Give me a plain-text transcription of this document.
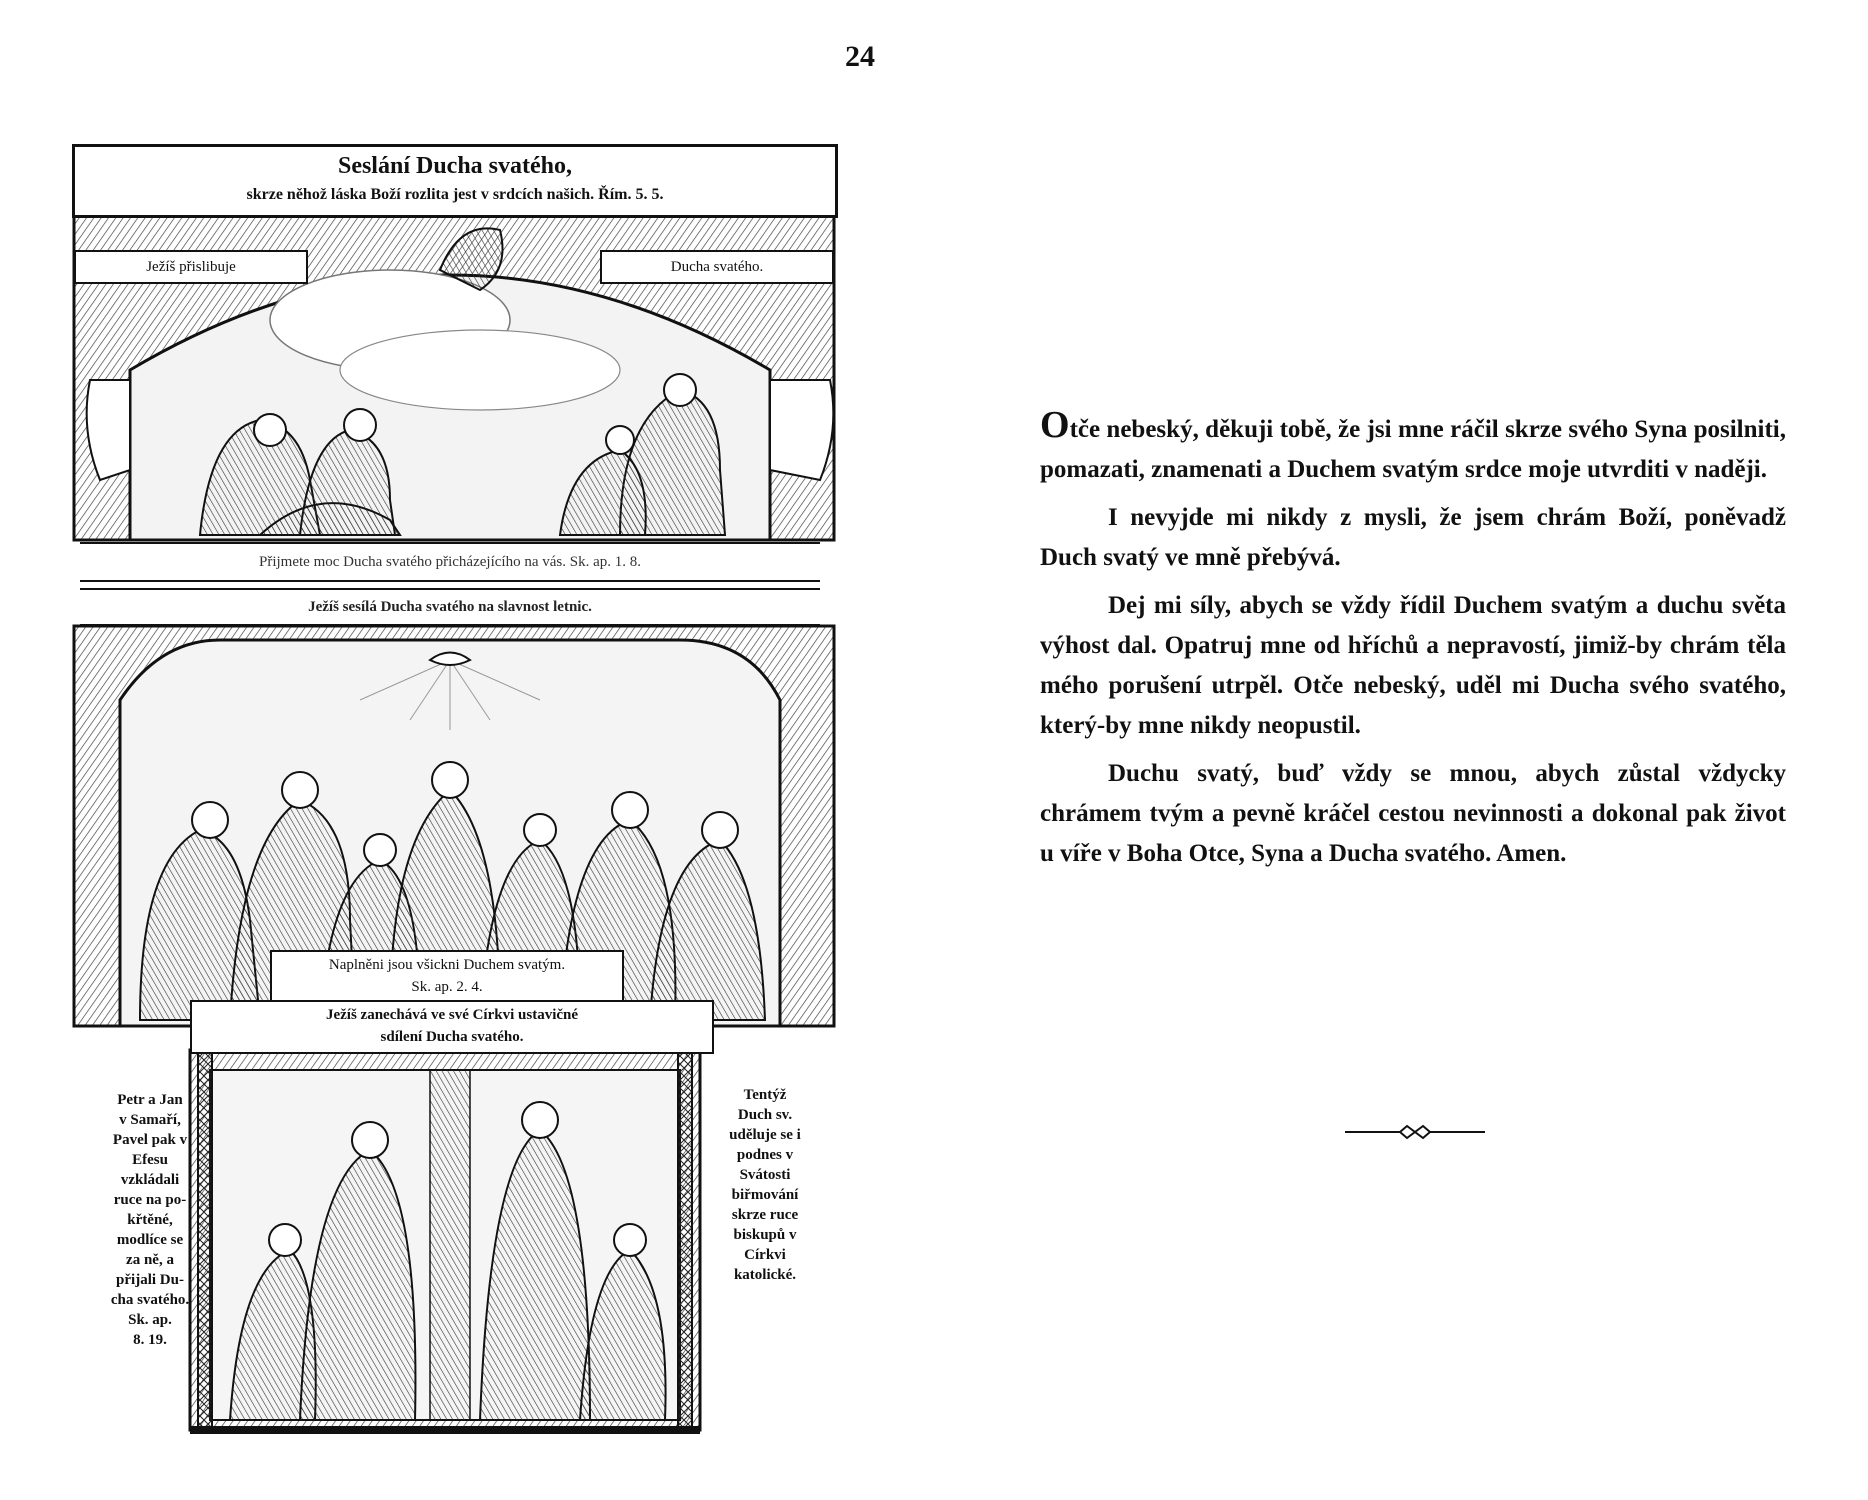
24
Seslání Ducha svatého,
skrze něhož láska Boží rozlita jest v srdcích našich. Řím. 5. 5.
Ježíš přislibuje	Ducha svatého.
Přijmete moc Ducha svatého přicházejícího na vás. Sk. ap. 1. 8.
Ježíš sesílá Ducha svatého na slavnost letnic.
Naplněni jsou všickni Duchem svatým.
Sk. ap. 2. 4.
Ježíš zanechává ve své Církvi ustavičné
sdílení Ducha svatého.
Petr a Jan
v Samaří,
Pavel pak v
Efesu
vzkládali
ruce na po-
křtěné,
modlíce se
za ně, a
přijali Du-
cha svatého.
Sk. ap.
8. 19.
Tentýž
Duch sv.
uděluje se i
podnes v
Svátosti
biřmování
skrze ruce
biskupů v
Církvi
katolické.

Otče nebeský, děkuji tobě, že jsi mne ráčil skrze svého Syna posilniti, pomazati, znamenati a Duchem svatým srdce moje utvrditi v naději.

I nevyjde mi nikdy z mysli, že jsem chrám Boží, poněvadž Duch svatý ve mně přebývá.

Dej mi síly, abych se vždy řídil Duchem svatým a duchu světa výhost dal. Opatruj mne od hříchů a nepravostí, jimiž-by chrám těla mého porušení utrpěl. Otče nebeský, uděl mi Ducha svého svatého, který-by mne nikdy neopustil.

Duchu svatý, buď vždy se mnou, abych zůstal vždycky chrámem tvým a pevně kráčel cestou nevinnosti a dokonal pak život u víře v Boha Otce, Syna a Ducha svatého. Amen.
